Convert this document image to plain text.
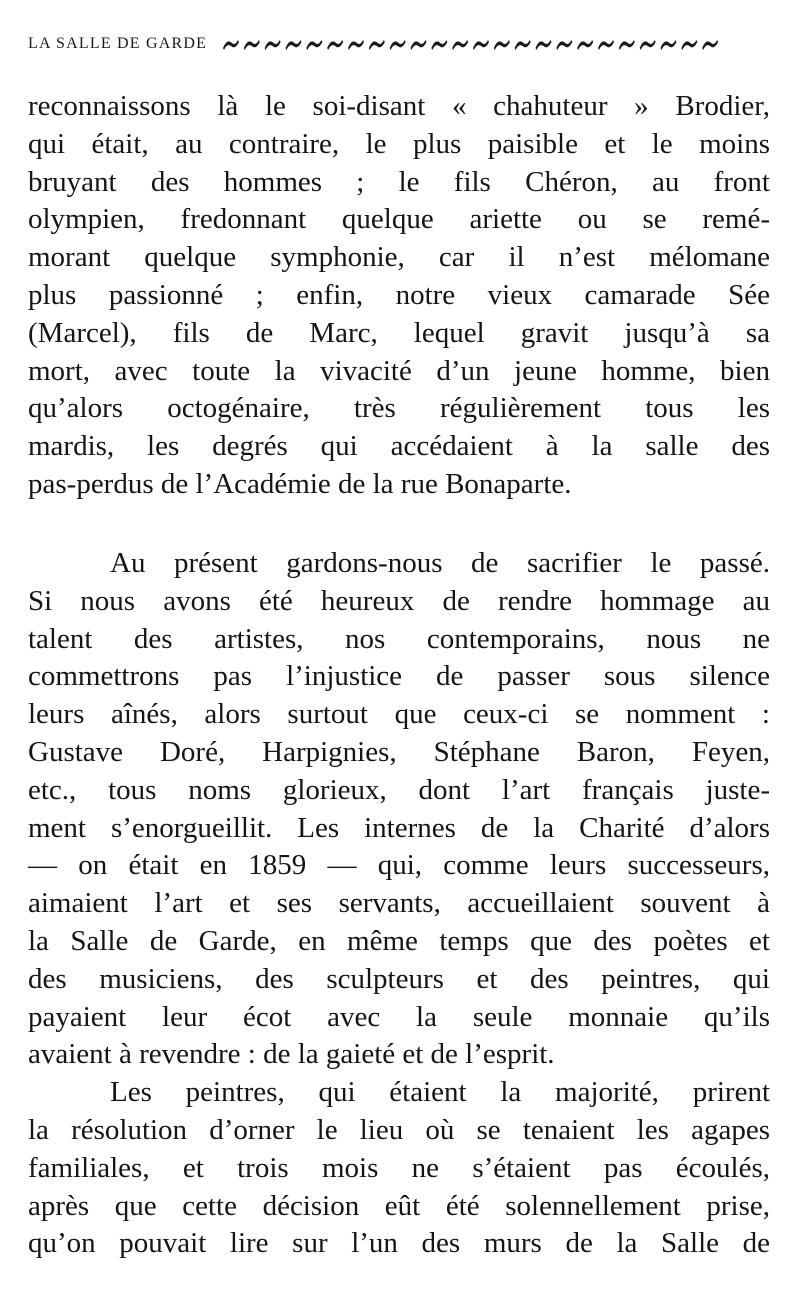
LA SALLE DE GARDE
reconnaissons là le soi-disant « chahuteur » Brodier,
qui était, au contraire, le plus paisible et le moins
bruyant des hommes ; le fils Chéron, au front
olympien, fredonnant quelque ariette ou se remé-
morant quelque symphonie, car il n’est mélomane
plus passionné ; enfin, notre vieux camarade Sée
(Marcel), fils de Marc, lequel gravit jusqu’à sa
mort, avec toute la vivacité d’un jeune homme, bien
qu’alors octogénaire, très régulièrement tous les
mardis, les degrés qui accédaient à la salle des
pas-perdus de l’Académie de la rue Bonaparte.
Au présent gardons-nous de sacrifier le passé.
Si nous avons été heureux de rendre hommage au
talent des artistes, nos contemporains, nous ne
commettrons pas l’injustice de passer sous silence
leurs aînés, alors surtout que ceux-ci se nomment :
Gustave Doré, Harpignies, Stéphane Baron, Feyen,
etc., tous noms glorieux, dont l’art français juste-
ment s’enorgueillit. Les internes de la Charité d’alors
— on était en 1859 — qui, comme leurs successeurs,
aimaient l’art et ses servants, accueillaient souvent à
la Salle de Garde, en même temps que des poètes et
des musiciens, des sculpteurs et des peintres, qui
payaient leur écot avec la seule monnaie qu’ils
avaient à revendre : de la gaieté et de l’esprit.
Les peintres, qui étaient la majorité, prirent
la résolution d’orner le lieu où se tenaient les agapes
familiales, et trois mois ne s’étaient pas écoulés,
après que cette décision eût été solennellement prise,
qu’on pouvait lire sur l’un des murs de la Salle de
